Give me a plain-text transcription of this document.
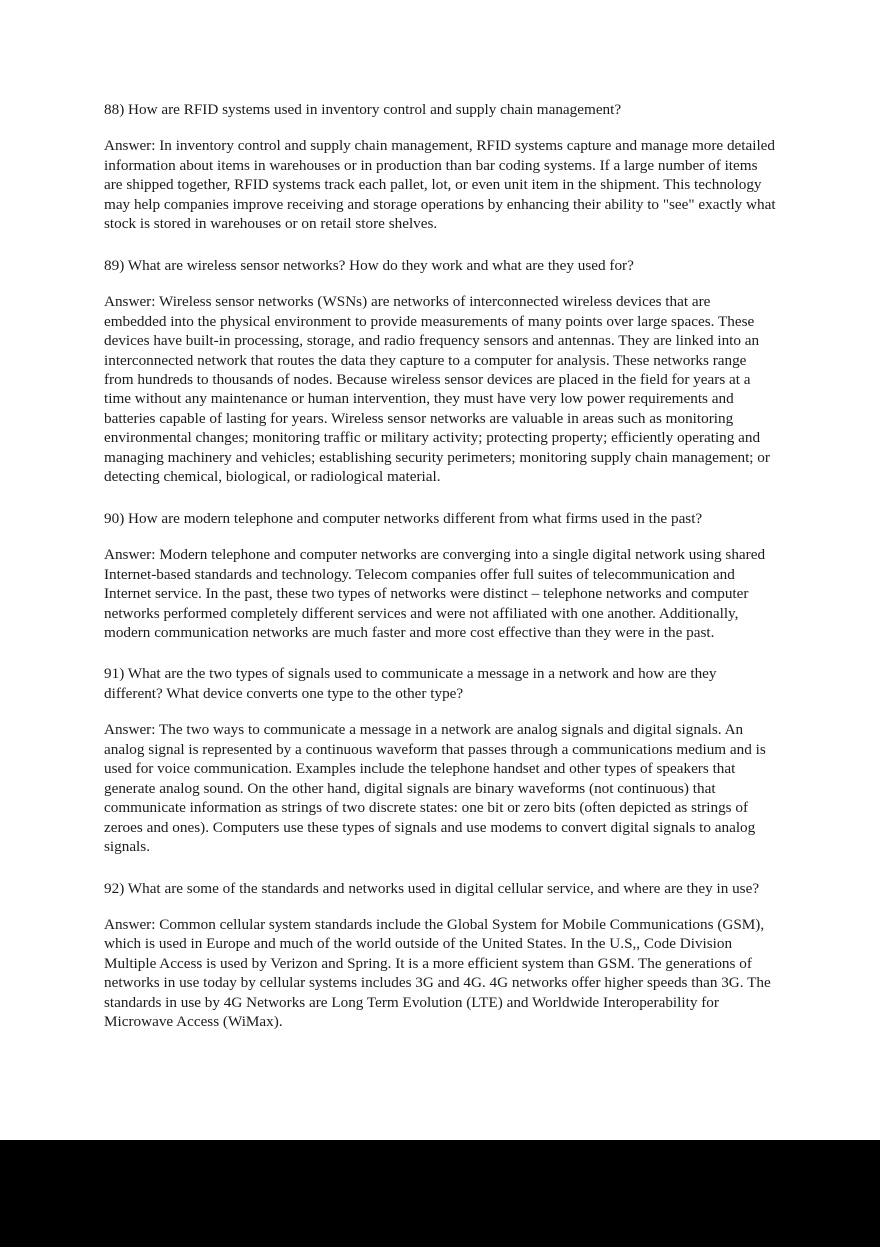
88) How are RFID systems used in inventory control and supply chain management?

Answer: In inventory control and supply chain management, RFID systems capture and manage more detailed information about items in warehouses or in production than bar coding systems. If a large number of items are shipped together, RFID systems track each pallet, lot, or even unit item in the shipment. This technology may help companies improve receiving and storage operations by enhancing their ability to "see" exactly what stock is stored in warehouses or on retail store shelves.

89) What are wireless sensor networks? How do they work and what are they used for?

Answer: Wireless sensor networks (WSNs) are networks of interconnected wireless devices that are embedded into the physical environment to provide measurements of many points over large spaces. These devices have built-in processing, storage, and radio frequency sensors and antennas. They are linked into an interconnected network that routes the data they capture to a computer for analysis. These networks range from hundreds to thousands of nodes. Because wireless sensor devices are placed in the field for years at a time without any maintenance or human intervention, they must have very low power requirements and batteries capable of lasting for years. Wireless sensor networks are valuable in areas such as monitoring environmental changes; monitoring traffic or military activity; protecting property; efficiently operating and managing machinery and vehicles; establishing security perimeters; monitoring supply chain management; or detecting chemical, biological, or radiological material.

90) How are modern telephone and computer networks different from what firms used in the past?

Answer: Modern telephone and computer networks are converging into a single digital network using shared Internet-based standards and technology. Telecom companies offer full suites of telecommunication and Internet service. In the past, these two types of networks were distinct – telephone networks and computer networks performed completely different services and were not affiliated with one another. Additionally, modern communication networks are much faster and more cost effective than they were in the past.

91) What are the two types of signals used to communicate a message in a network and how are they different? What device converts one type to the other type?

Answer: The two ways to communicate a message in a network are analog signals and digital signals. An analog signal is represented by a continuous waveform that passes through a communications medium and is used for voice communication. Examples include the telephone handset and other types of speakers that generate analog sound. On the other hand, digital signals are binary waveforms (not continuous) that communicate information as strings of two discrete states: one bit or zero bits (often depicted as strings of zeroes and ones). Computers use these types of signals and use modems to convert digital signals to analog signals.

92) What are some of the standards and networks used in digital cellular service, and where are they in use?

Answer: Common cellular system standards include the Global System for Mobile Communications (GSM), which is used in Europe and much of the world outside of the United States. In the U.S,, Code Division Multiple Access is used by Verizon and Spring. It is a more efficient system than GSM. The generations of networks in use today by cellular systems includes 3G and 4G. 4G networks offer higher speeds than 3G. The standards in use by 4G Networks are Long Term Evolution (LTE) and Worldwide Interoperability for Microwave Access (WiMax).
